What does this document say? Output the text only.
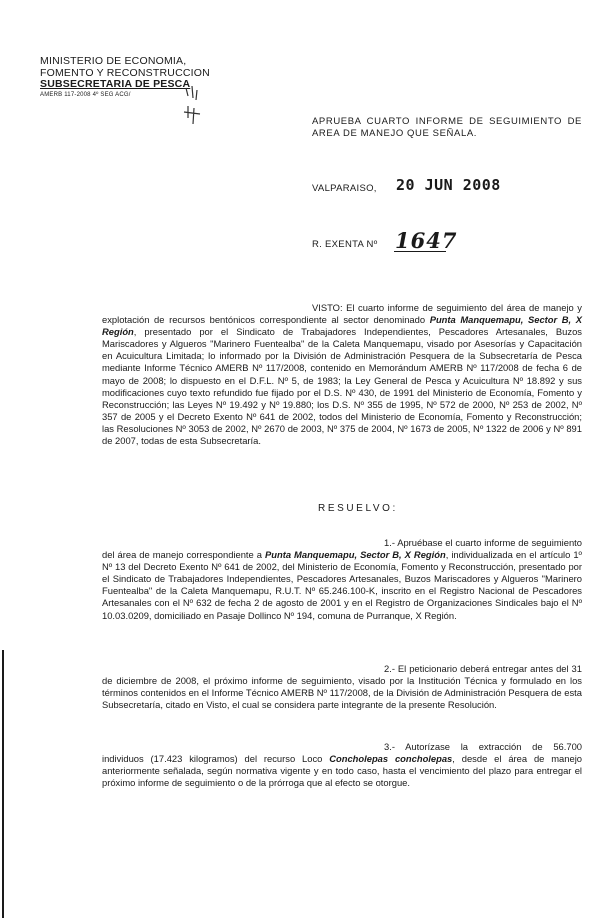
MINISTERIO DE ECONOMIA,
FOMENTO Y RECONSTRUCCION
SUBSECRETARIA DE PESCA
AMERB 117-2008 4º SEG ACG/
APRUEBA CUARTO INFORME DE SEGUIMIENTO DE AREA DE MANEJO QUE SEÑALA.
VALPARAISO, 20 JUN 2008
R. EXENTA Nº 1647
VISTO: El cuarto informe de seguimiento del área de manejo y explotación de recursos bentónicos correspondiente al sector denominado Punta Manquemapu, Sector B, X Región, presentado por el Sindicato de Trabajadores Independientes, Pescadores Artesanales, Buzos Mariscadores y Algueros "Marinero Fuentealba" de la Caleta Manquemapu, visado por Asesorías y Capacitación en Acuicultura Limitada; lo informado por la División de Administración Pesquera de la Subsecretaría de Pesca mediante Informe Técnico AMERB Nº 117/2008, contenido en Memorándum AMERB Nº 117/2008 de fecha 6 de mayo de 2008; lo dispuesto en el D.F.L. Nº 5, de 1983; la Ley General de Pesca y Acuicultura Nº 18.892 y sus modificaciones cuyo texto refundido fue fijado por el D.S. Nº 430, de 1991 del Ministerio de Economía, Fomento y Reconstrucción; las Leyes Nº 19.492 y Nº 19.880; los D.S. Nº 355 de 1995, Nº 572 de 2000, Nº 253 de 2002, Nº 357 de 2005 y el Decreto Exento Nº 641 de 2002, todos del Ministerio de Economía, Fomento y Reconstrucción; las Resoluciones Nº 3053 de 2002, Nº 2670 de 2003, Nº 375 de 2004, Nº 1673 de 2005, Nº 1322 de 2006 y Nº 891 de 2007, todas de esta Subsecretaría.
RESUELVO:
1.- Apruébase el cuarto informe de seguimiento del área de manejo correspondiente a Punta Manquemapu, Sector B, X Región, individualizada en el artículo 1º Nº 13 del Decreto Exento Nº 641 de 2002, del Ministerio de Economía, Fomento y Reconstrucción, presentado por el Sindicato de Trabajadores Independientes, Pescadores Artesanales, Buzos Mariscadores y Algueros "Marinero Fuentealba" de la Caleta Manquemapu, R.U.T. Nº 65.246.100-K, inscrito en el Registro Nacional de Pescadores Artesanales con el Nº 632 de fecha 2 de agosto de 2001 y en el Registro de Organizaciones Sindicales bajo el Nº 10.03.0209, domiciliado en Pasaje Dollinco Nº 194, comuna de Purranque, X Región.
2.- El peticionario deberá entregar antes del 31 de diciembre de 2008, el próximo informe de seguimiento, visado por la Institución Técnica y formulado en los términos contenidos en el Informe Técnico AMERB Nº 117/2008, de la División de Administración Pesquera de esta Subsecretaría, citado en Visto, el cual se considera parte integrante de la presente Resolución.
3.- Autorízase la extracción de 56.700 individuos (17.423 kilogramos) del recurso Loco Concholepas concholepas, desde el área de manejo anteriormente señalada, según normativa vigente y en todo caso, hasta el vencimiento del plazo para entregar el próximo informe de seguimiento o de la prórroga que al efecto se otorgue.
